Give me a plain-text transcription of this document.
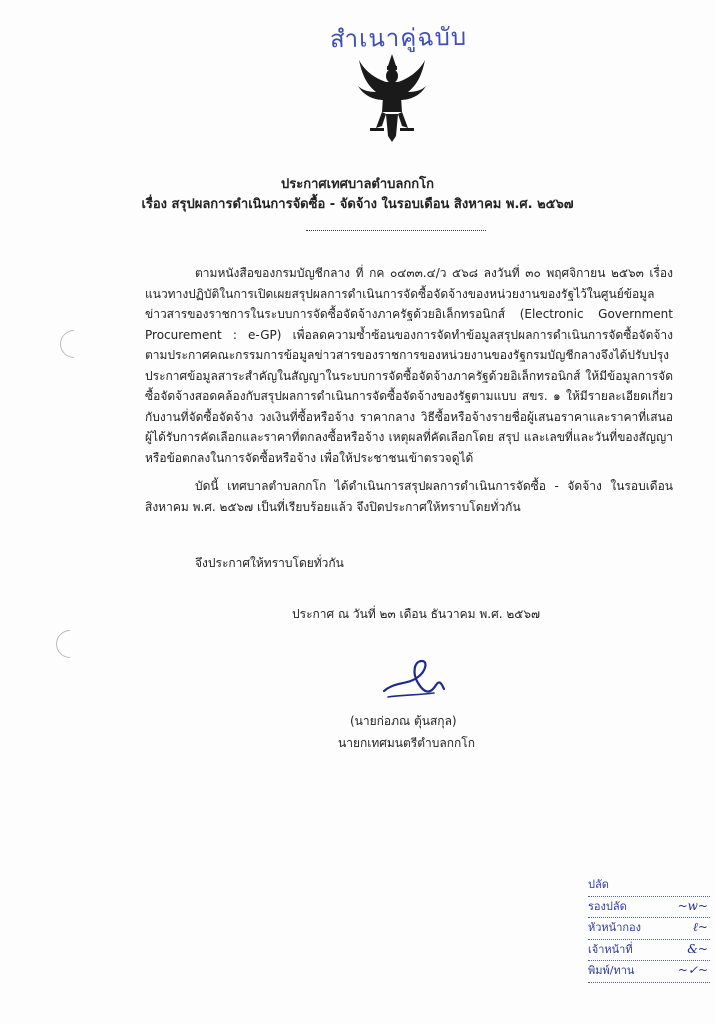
สำเนาคู่ฉบับ
ประกาศเทศบาลตำบลกกโก
เรื่อง สรุปผลการดำเนินการจัดซื้อ - จัดจ้าง ในรอบเดือน สิงหาคม พ.ศ. ๒๕๖๗

ตามหนังสือของกรมบัญชีกลาง ที่ กค ๐๔๓๓.๔/ว ๕๖๘ ลงวันที่ ๓๐ พฤศจิกายน ๒๕๖๓ เรื่อง แนวทางปฏิบัติในการเปิดเผยสรุปผลการดำเนินการจัดซื้อจัดจ้างของหน่วยงานของรัฐไว้ในศูนย์ข้อมูลข่าวสารของราชการในระบบการจัดซื้อจัดจ้างภาครัฐด้วยอิเล็กทรอนิกส์ (Electronic Government Procurement : e-GP) เพื่อลดความซ้ำซ้อนของการจัดทำข้อมูลสรุปผลการดำเนินการจัดซื้อจัดจ้างตามประกาศคณะกรรมการข้อมูลข่าวสารของราชการของหน่วยงานของรัฐกรมบัญชีกลางจึงได้ปรับปรุงประกาศข้อมูลสาระสำคัญในสัญญาในระบบการจัดซื้อจัดจ้างภาครัฐด้วยอิเล็กทรอนิกส์ ให้มีข้อมูลการจัดซื้อจัดจ้างสอดคล้องกับสรุปผลการดำเนินการจัดซื้อจัดจ้างของรัฐตามแบบ สขร. ๑ ให้มีรายละเอียดเกี่ยวกับงานที่จัดซื้อจัดจ้าง วงเงินที่ซื้อหรือจ้าง ราคากลาง วิธีซื้อหรือจ้างรายชื่อผู้เสนอราคาและราคาที่เสนอ ผู้ได้รับการคัดเลือกและราคาที่ตกลงซื้อหรือจ้าง เหตุผลที่คัดเลือกโดย สรุป และเลขที่และวันที่ของสัญญาหรือข้อตกลงในการจัดซื้อหรือจ้าง เพื่อให้ประชาชนเข้าตรวจดูได้

บัดนี้ เทศบาลตำบลกกโก ได้ดำเนินการสรุปผลการดำเนินการจัดซื้อ - จัดจ้าง ในรอบเดือนสิงหาคม พ.ศ. ๒๕๖๗ เป็นที่เรียบร้อยแล้ว จึงปิดประกาศให้ทราบโดยทั่วกัน

จึงประกาศให้ทราบโดยทั่วกัน
ประกาศ ณ วันที่ ๒๓ เดือน ธันวาคม พ.ศ. ๒๕๖๗
(นายก่อภณ ตุ้นสกุล)
นายกเทศมนตรีตำบลกกโก
ปลัด
รองปลัด	~w~
หัวหน้ากอง	ℓ~
เจ้าหน้าที่	&~
พิมพ์/ทาน	~✓~
